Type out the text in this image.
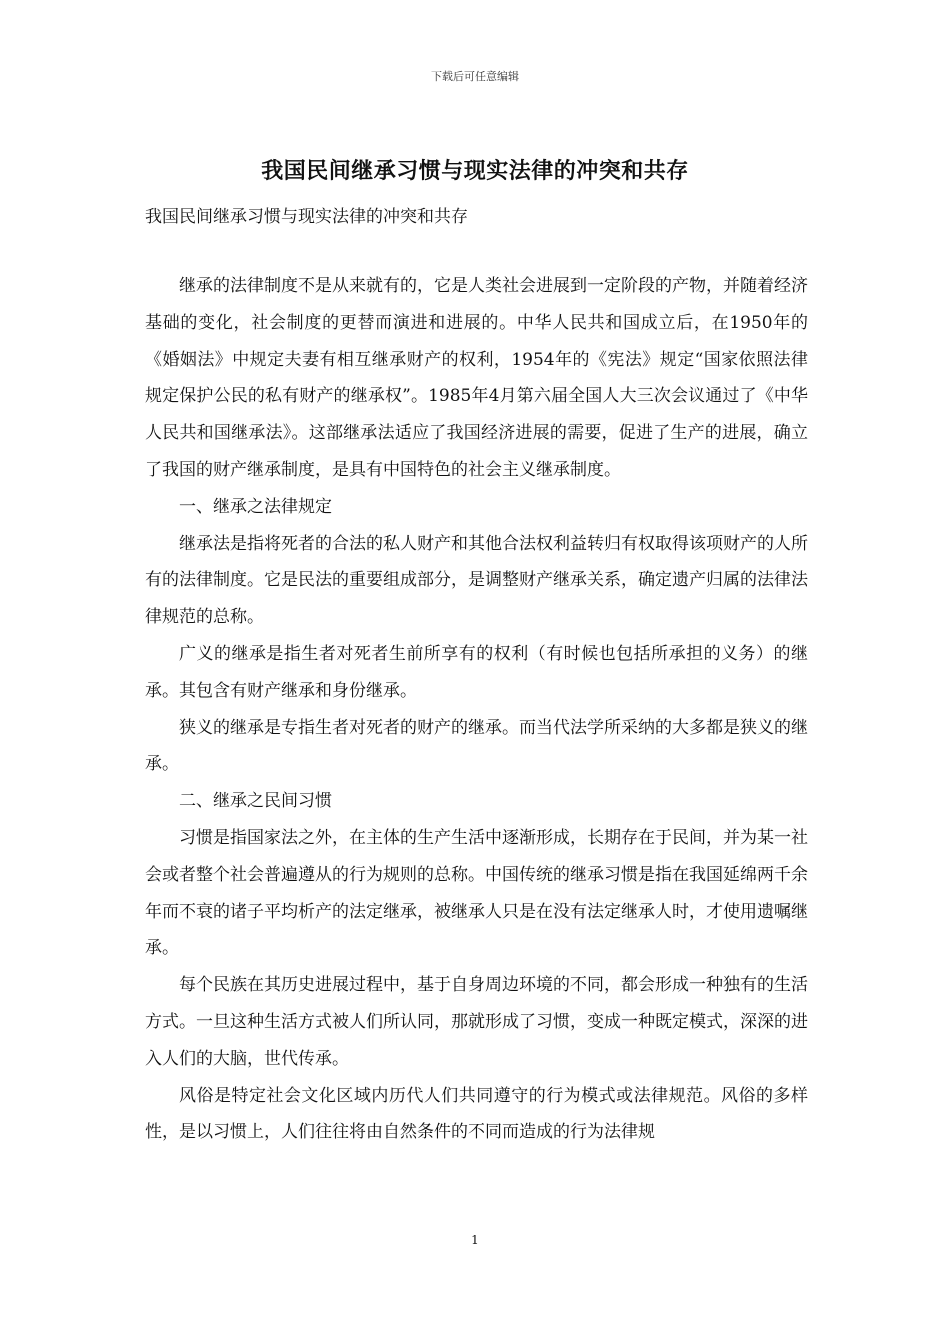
下载后可任意编辑
我国民间继承习惯与现实法律的冲突和共存
我国民间继承习惯与现实法律的冲突和共存

继承的法律制度不是从来就有的，它是人类社会进展到一定阶段的产物，并随着经济基础的变化，社会制度的更替而演进和进展的。中华人民共和国成立后，在1950年的《婚姻法》中规定夫妻有相互继承财产的权利，1954年的《宪法》规定“国家依照法律规定保护公民的私有财产的继承权”。1985年4月第六届全国人大三次会议通过了《中华人民共和国继承法》。这部继承法适应了我国经济进展的需要，促进了生产的进展，确立了我国的财产继承制度，是具有中国特色的社会主义继承制度。

一、继承之法律规定

继承法是指将死者的合法的私人财产和其他合法权利益转归有权取得该项财产的人所有的法律制度。它是民法的重要组成部分，是调整财产继承关系，确定遗产归属的法律法律规范的总称。

广义的继承是指生者对死者生前所享有的权利（有时候也包括所承担的义务）的继承。其包含有财产继承和身份继承。

狭义的继承是专指生者对死者的财产的继承。而当代法学所采纳的大多都是狭义的继承。

二、继承之民间习惯

习惯是指国家法之外，在主体的生产生活中逐渐形成，长期存在于民间，并为某一社会或者整个社会普遍遵从的行为规则的总称。中国传统的继承习惯是指在我国延绵两千余年而不衰的诸子平均析产的法定继承，被继承人只是在没有法定继承人时，才使用遗嘱继承。

每个民族在其历史进展过程中，基于自身周边环境的不同，都会形成一种独有的生活方式。一旦这种生活方式被人们所认同，那就形成了习惯，变成一种既定模式，深深的进入人们的大脑，世代传承。

风俗是特定社会文化区域内历代人们共同遵守的行为模式或法律规范。风俗的多样性，是以习惯上，人们往往将由自然条件的不同而造成的行为法律规

1
